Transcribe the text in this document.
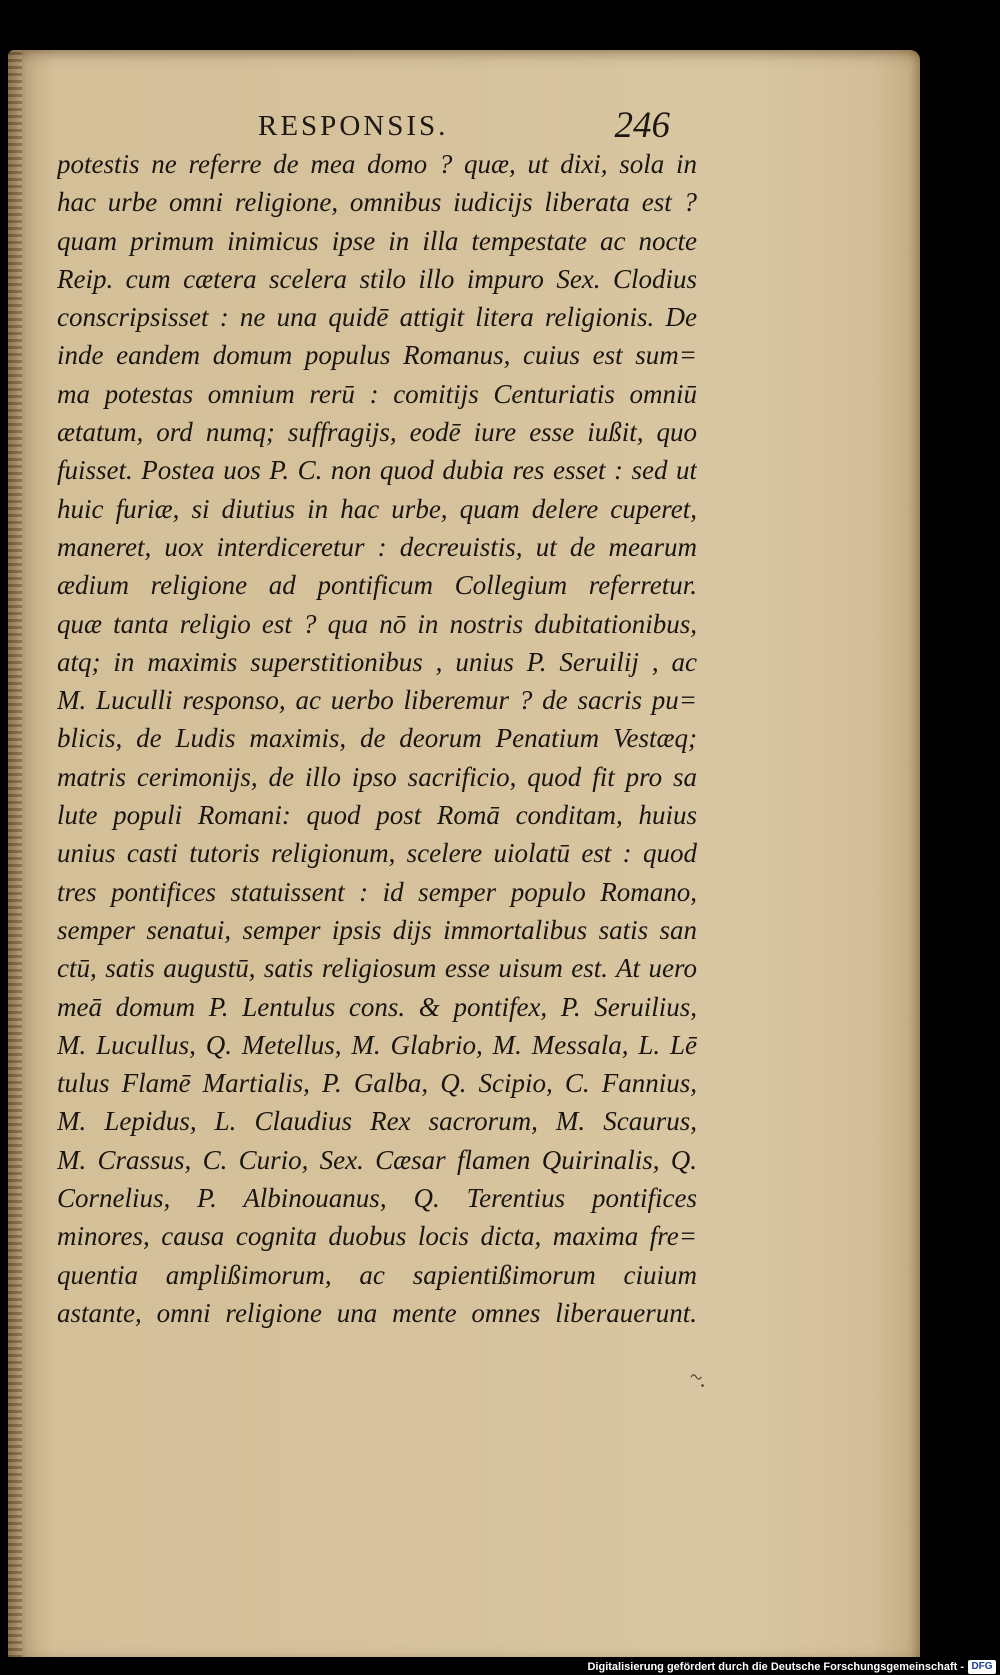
RESPONSIS.	246
potestis ne referre de mea domo ? quæ, ut dixi, sola in
hac urbe omni religione, omnibus iudicijs liberata est ?
quam primum inimicus ipse in illa tempestate ac nocte
Reip. cum cætera scelera stilo illo impuro Sex. Clodius
conscripsisset : ne una quidē attigit litera religionis. De
inde eandem domum populus Romanus, cuius est sum=
ma potestas omnium rerū : comitijs Centuriatis omniū
ætatum, ord numq; suffragijs, eodē iure esse iußit, quo
fuisset. Postea uos P. C. non quod dubia res esset : sed ut
huic furiæ, si diutius in hac urbe, quam delere cuperet,
maneret, uox interdiceretur : decreuistis, ut de mearum
ædium religione ad pontificum Collegium referretur.
quæ tanta religio est ? qua nō in nostris dubitationibus,
atq; in maximis superstitionibus , unius P. Seruilij , ac
M. Luculli responso, ac uerbo liberemur ? de sacris pu=
blicis, de Ludis maximis, de deorum Penatium Vestæq;
matris cerimonijs, de illo ipso sacrificio, quod fit pro sa
lute populi Romani: quod post Romā conditam, huius
unius casti tutoris religionum, scelere uiolatū est : quod
tres pontifices statuissent : id semper populo Romano,
semper senatui, semper ipsis dijs immortalibus satis san
ctū, satis augustū, satis religiosum esse uisum est. At uero
meā domum P. Lentulus cons. & pontifex, P. Seruilius,
M. Lucullus, Q. Metellus, M. Glabrio, M. Messala, L. Lē
tulus Flamē Martialis, P. Galba, Q. Scipio, C. Fannius,
M. Lepidus, L. Claudius Rex sacrorum, M. Scaurus,
M. Crassus, C. Curio, Sex. Cæsar flamen Quirinalis, Q.
Cornelius, P. Albinouanus, Q. Terentius pontifices
minores, causa cognita duobus locis dicta, maxima fre=
quentia amplißimorum, ac sapientißimorum ciuium
astante, omni religione una mente omnes liberauerunt.
~.
Digitalisierung gefördert durch die Deutsche Forschungsgemeinschaft - DFG
